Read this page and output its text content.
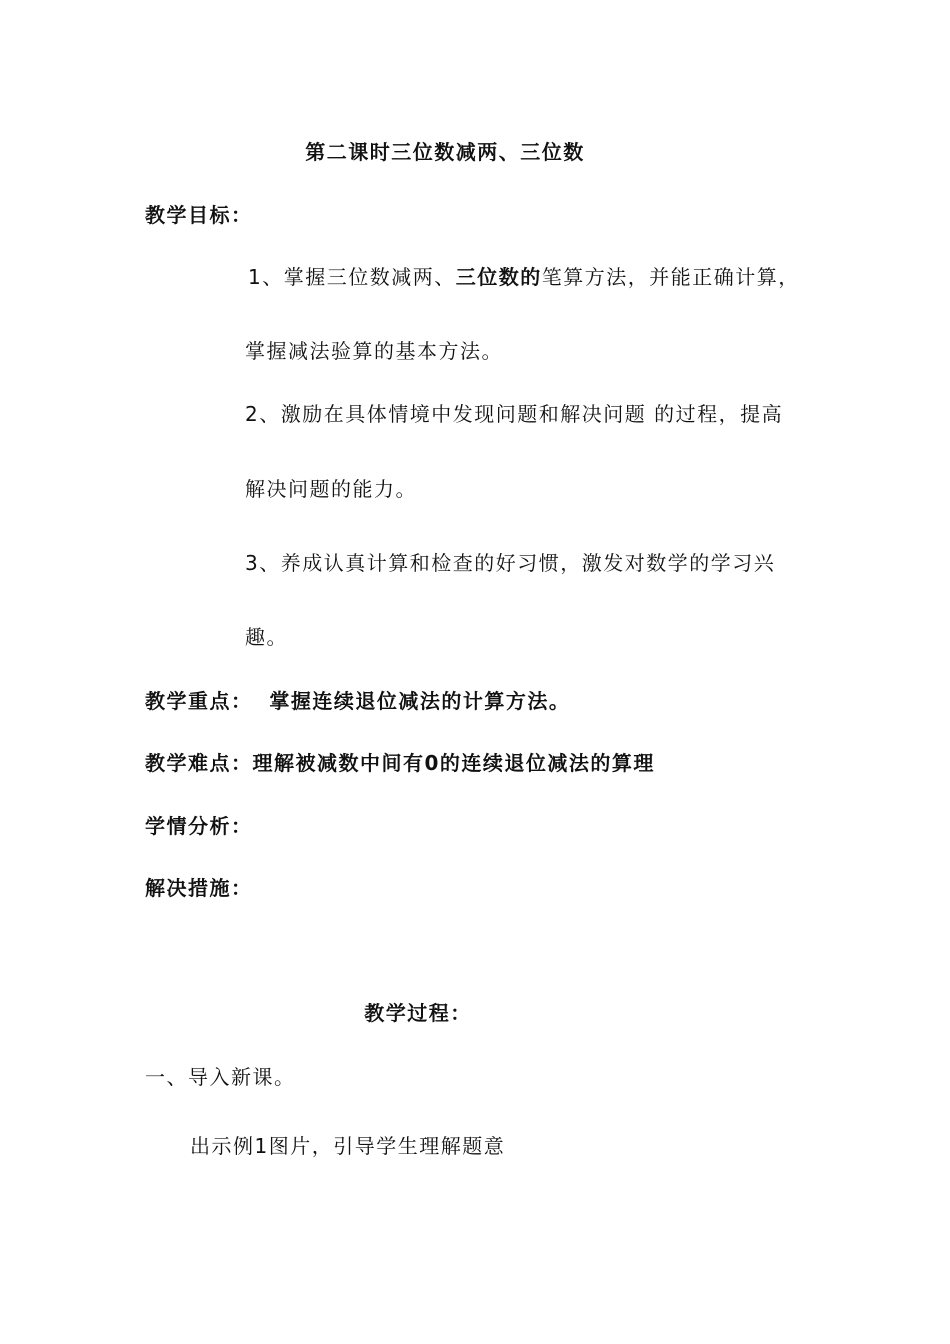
第二课时三位数减两、三位数
教学目标：
1、掌握三位数减两、三位数的笔算方法，并能正确计算，
掌握减法验算的基本方法。
2、激励在具体情境中发现问题和解决问题 的过程，提高
解决问题的能力。
3、养成认真计算和检查的好习惯，激发对数学的学习兴
趣。
教学重点：  掌握连续退位减法的计算方法。
教学难点：理解被减数中间有0的连续退位减法的算理
学情分析：
解决措施：
教学过程：
一、导入新课。
出示例1图片，引导学生理解题意
